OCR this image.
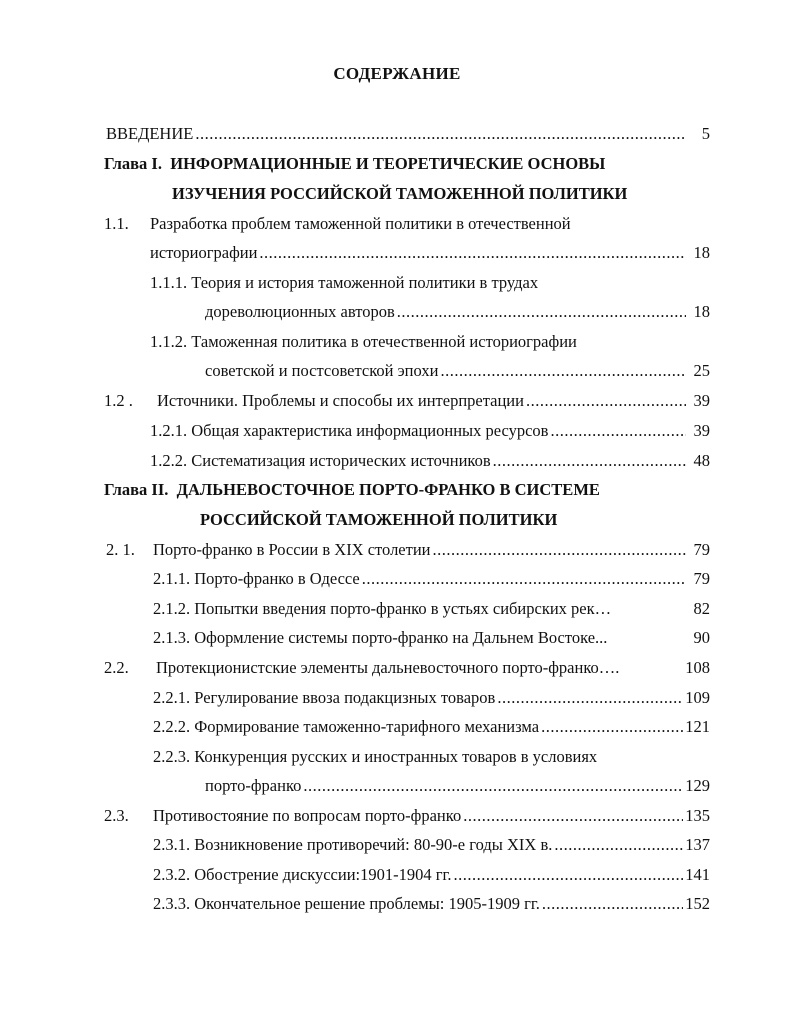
СОДЕРЖАНИЕ
ВВЕДЕНИЕ .....	5
Глава I. ИНФОРМАЦИОННЫЕ И ТЕОРЕТИЧЕСКИЕ ОСНОВЫ
ИЗУЧЕНИЯ РОССИЙСКОЙ ТАМОЖЕННОЙ ПОЛИТИКИ
1.1. Разработка проблем таможенной политики в отечественной
историографии .....	18
1.1.1. Теория и история таможенной политики в трудах
дореволюционных авторов .....	18
1.1.2. Таможенная политика в отечественной историографии
советской и постсоветской эпохи .....	25
1.2 . Источники. Проблемы и способы их интерпретации .....	39
1.2.1. Общая характеристика информационных ресурсов .....	39
1.2.2. Систематизация исторических источников .....	48
Глава II. ДАЛЬНЕВОСТОЧНОЕ ПОРТО-ФРАНКО В СИСТЕМЕ
РОССИЙСКОЙ ТАМОЖЕННОЙ ПОЛИТИКИ
2. 1. Порто-франко в России в XIX столетии .....	79
2.1.1. Порто-франко в Одессе .....	79
2.1.2. Попытки введения порто-франко в устьях сибирских рек…	82
2.1.3. Оформление системы порто-франко на Дальнем Востоке...	90
2.2. Протекционистские элементы дальневосточного порто-франко….	108
2.2.1. Регулирование ввоза подакцизных товаров .....	109
2.2.2. Формирование таможенно-тарифного механизма .....	121
2.2.3. Конкуренция русских и иностранных товаров в условиях
порто-франко .....	129
2.3. Противостояние по вопросам порто-франко .....	135
2.3.1. Возникновение противоречий: 80-90-е годы XIX в. .....	137
2.3.2. Обострение дискуссии:1901-1904 гг. .....	141
2.3.3. Окончательное решение проблемы: 1905-1909 гг. .....	152
